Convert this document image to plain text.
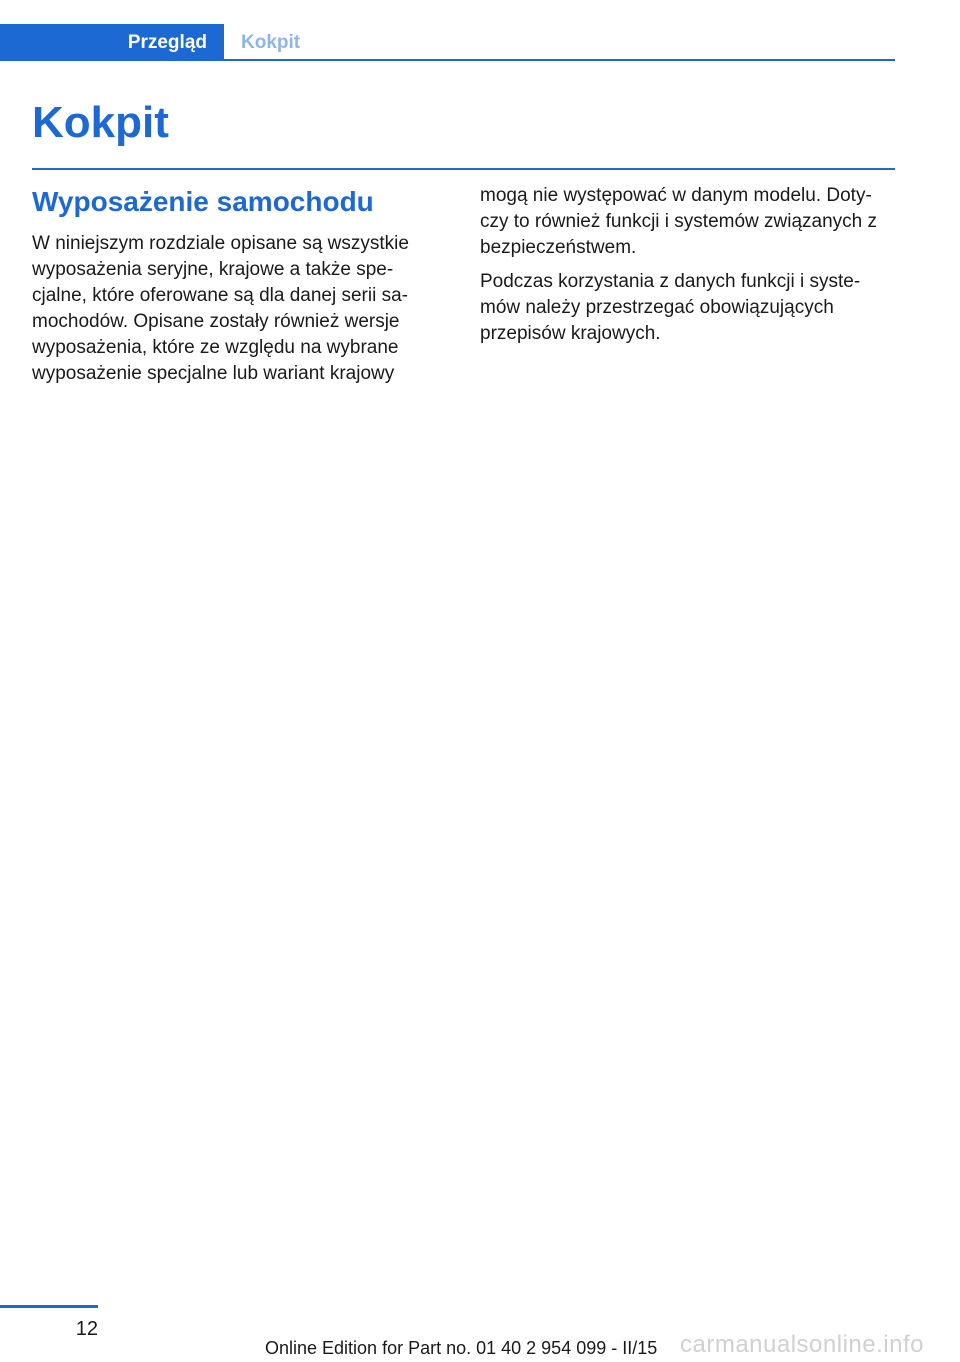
Przegląd	Kokpit
Kokpit
Wyposażenie samochodu

W niniejszym rozdziale opisane są wszystkie wyposażenia seryjne, krajowe a także spe-cjalne, które oferowane są dla danej serii sa-mochodów. Opisane zostały również wersje wyposażenia, które ze względu na wybrane wyposażenie specjalne lub wariant krajowy

mogą nie występować w danym modelu. Doty-czy to również funkcji i systemów związanych z bezpieczeństwem.

Podczas korzystania z danych funkcji i syste-mów należy przestrzegać obowiązujących przepisów krajowych.

12
Online Edition for Part no. 01 40 2 954 099 - II/15 carmanualsonline.info
